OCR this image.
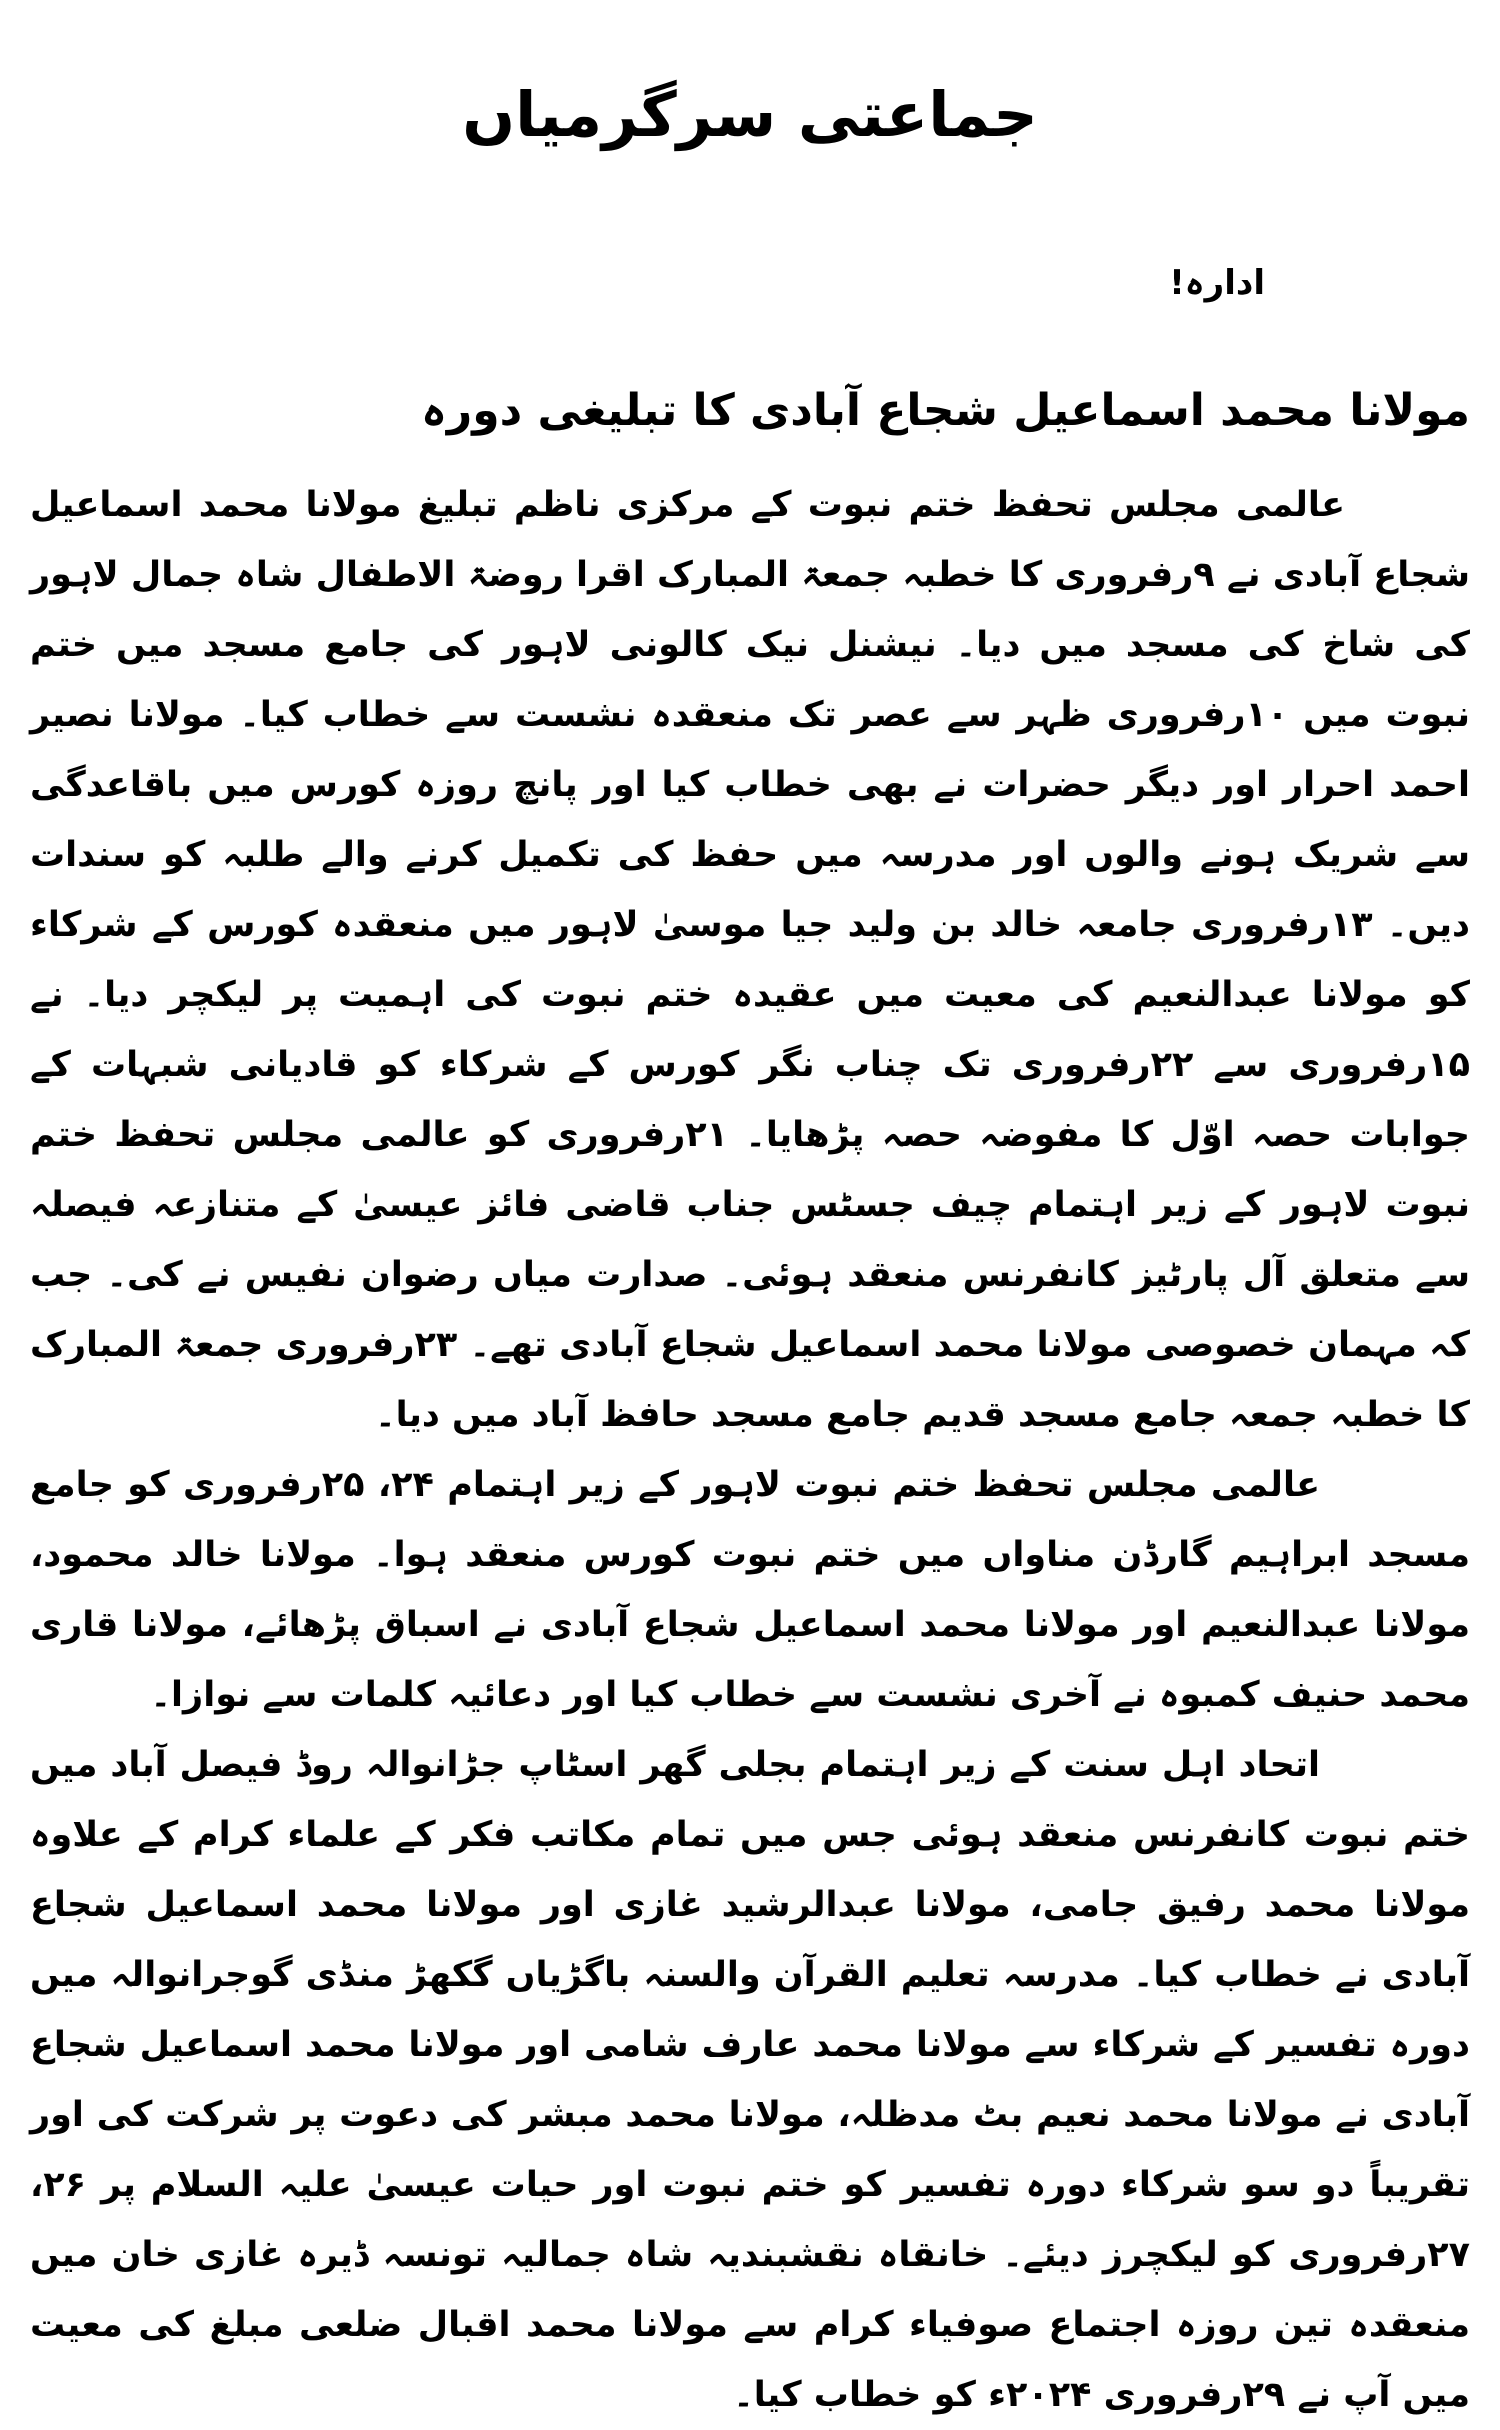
جماعتی سرگرمیاں
ادارہ!
مولانا محمد اسماعیل شجاع آبادی کا تبلیغی دورہ

عالمی مجلس تحفظ ختم نبوت کے مرکزی ناظم تبلیغ مولانا محمد اسماعیل شجاع آبادی نے ۹رفروری کا خطبہ جمعۃ المبارک اقرا روضۃ الاطفال شاہ جمال لاہور کی شاخ کی مسجد میں دیا۔ نیشنل نیک کالونی لاہور کی جامع مسجد میں ختم نبوت میں ۱۰رفروری ظہر سے عصر تک منعقدہ نشست سے خطاب کیا۔ مولانا نصیر احمد احرار اور دیگر حضرات نے بھی خطاب کیا اور پانچ روزہ کورس میں باقاعدگی سے شریک ہونے والوں اور مدرسہ میں حفظ کی تکمیل کرنے والے طلبہ کو سندات دیں۔ ۱۳رفروری جامعہ خالد بن ولید جیا موسیٰ لاہور میں منعقدہ کورس کے شرکاء کو مولانا عبدالنعیم کی معیت میں عقیدہ ختم نبوت کی اہمیت پر لیکچر دیا۔ نے ۱۵رفروری سے ۲۲رفروری تک چناب نگر کورس کے شرکاء کو قادیانی شبہات کے جوابات حصہ اوّل کا مفوضہ حصہ پڑھایا۔ ۲۱رفروری کو عالمی مجلس تحفظ ختم نبوت لاہور کے زیر اہتمام چیف جسٹس جناب قاضی فائز عیسیٰ کے متنازعہ فیصلہ سے متعلق آل پارٹیز کانفرنس منعقد ہوئی۔ صدارت میاں رضوان نفیس نے کی۔ جب کہ مہمان خصوصی مولانا محمد اسماعیل شجاع آبادی تھے۔ ۲۳رفروری جمعۃ المبارک کا خطبہ جمعہ جامع مسجد قدیم جامع مسجد حافظ آباد میں دیا۔

عالمی مجلس تحفظ ختم نبوت لاہور کے زیر اہتمام ۲۴، ۲۵رفروری کو جامع مسجد ابراہیم گارڈن مناواں میں ختم نبوت کورس منعقد ہوا۔ مولانا خالد محمود، مولانا عبدالنعیم اور مولانا محمد اسماعیل شجاع آبادی نے اسباق پڑھائے، مولانا قاری محمد حنیف کمبوہ نے آخری نشست سے خطاب کیا اور دعائیہ کلمات سے نوازا۔

اتحاد اہل سنت کے زیر اہتمام بجلی گھر اسٹاپ جڑانوالہ روڈ فیصل آباد میں ختم نبوت کانفرنس منعقد ہوئی جس میں تمام مکاتب فکر کے علماء کرام کے علاوہ مولانا محمد رفیق جامی، مولانا عبدالرشید غازی اور مولانا محمد اسماعیل شجاع آبادی نے خطاب کیا۔ مدرسہ تعلیم القرآن والسنہ باگڑیاں گکھڑ منڈی گوجرانوالہ میں دورہ تفسیر کے شرکاء سے مولانا محمد عارف شامی اور مولانا محمد اسماعیل شجاع آبادی نے مولانا محمد نعیم بٹ مدظلہ، مولانا محمد مبشر کی دعوت پر شرکت کی اور تقریباً دو سو شرکاء دورہ تفسیر کو ختم نبوت اور حیات عیسیٰ علیہ السلام پر ۲۶، ۲۷رفروری کو لیکچرز دیئے۔ خانقاہ نقشبندیہ شاہ جمالیہ تونسہ ڈیرہ غازی خان میں منعقدہ تین روزہ اجتماع صوفیاء کرام سے مولانا محمد اقبال ضلعی مبلغ کی معیت میں آپ نے ۲۹رفروری ۲۰۲۴ء کو خطاب کیا۔
